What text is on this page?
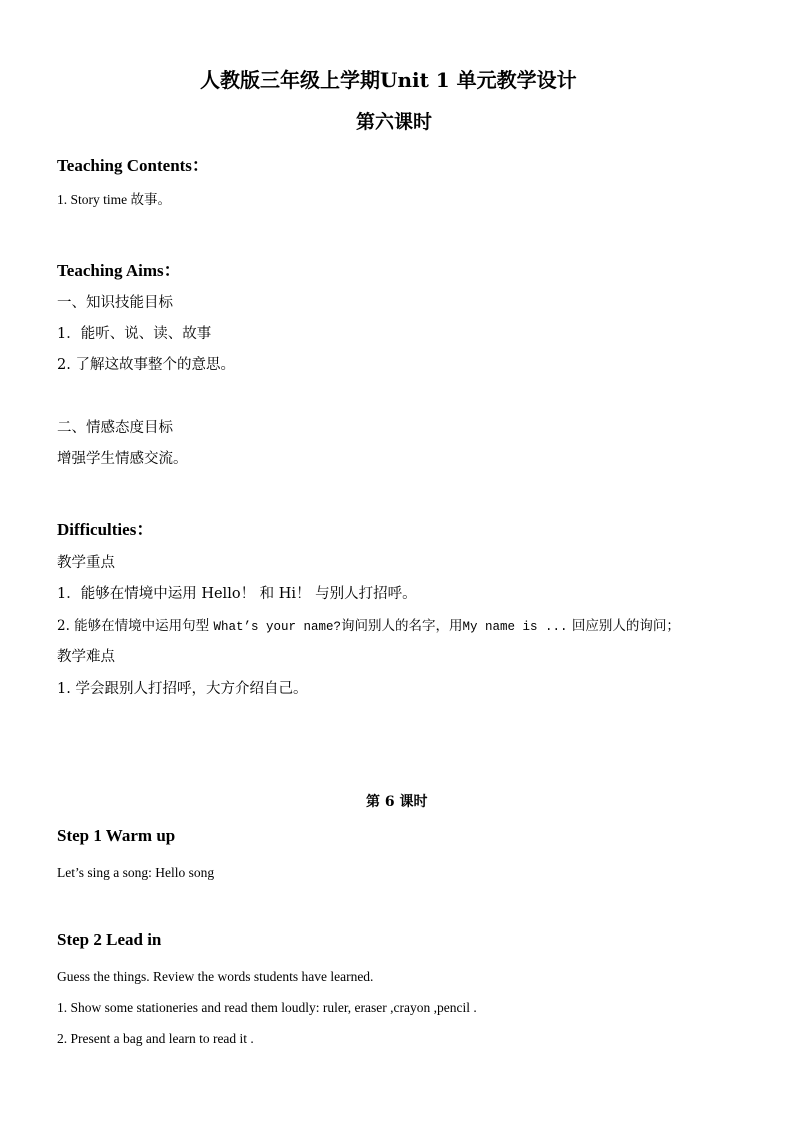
人教版三年级上学期Unit 1 单元教学设计
第六课时
Teaching Contents：
1. Story time 故事。
Teaching Aims：
一、知识技能目标
1．能听、说、读、故事
2. 了解这故事整个的意思。
二、情感态度目标
增强学生情感交流。
Difficulties：
教学重点
1．能够在情境中运用 Hello！ 和 Hi！ 与别人打招呼。
2. 能够在情境中运用句型 What’s your name?询问别人的名字，用My name is ... 回应别人的询问；
教学难点
1. 学会跟别人打招呼，大方介绍自己。
第 6 课时
Step 1 Warm up
Let’s sing a song: Hello song
Step 2 Lead in
Guess the things. Review the words students have learned.
1. Show some stationeries and read them loudly: ruler, eraser ,crayon ,pencil .
2. Present a bag and learn to read it .
